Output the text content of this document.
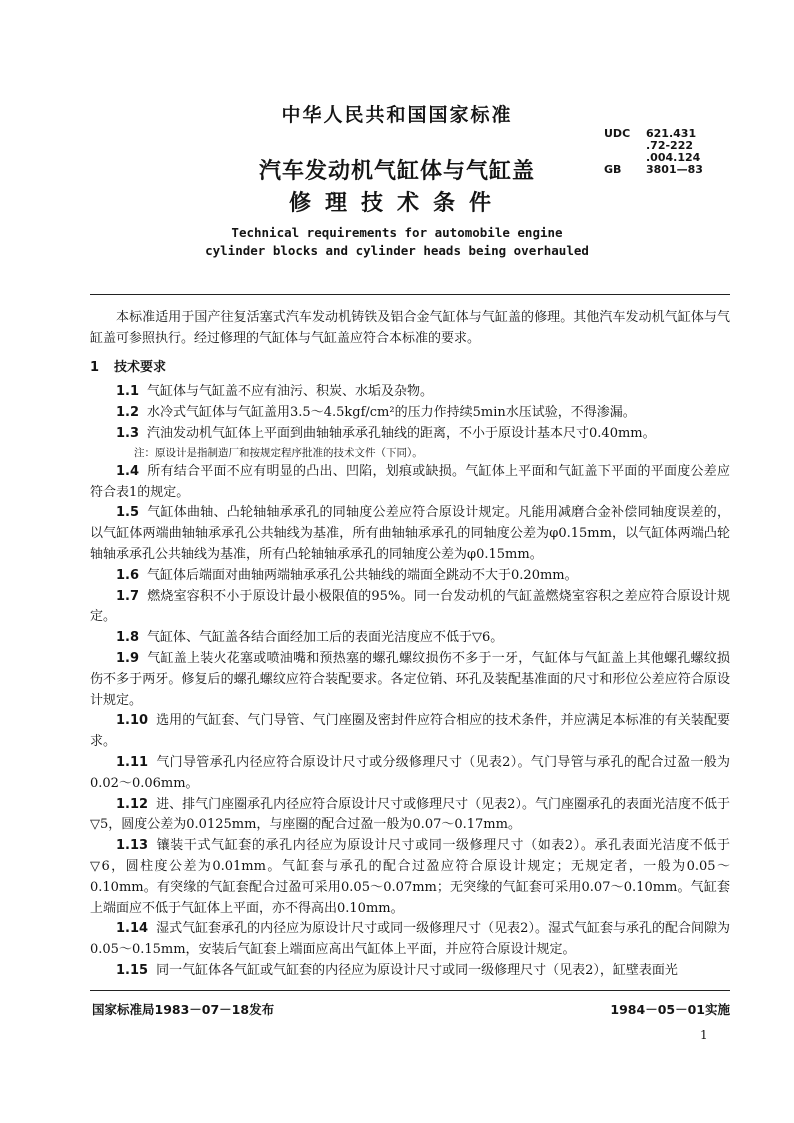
中华人民共和国国家标准
UDC 621.431
.72-222
.004.124
GB 3801—83
汽车发动机气缸体与气缸盖
修理技术条件
Technical requirements for automobile engine
cylinder blocks and cylinder heads being overhauled

本标准适用于国产往复活塞式汽车发动机铸铁及铝合金气缸体与气缸盖的修理。其他汽车发动机气缸体与气缸盖可参照执行。经过修理的气缸体与气缸盖应符合本标准的要求。

1 技术要求

1.1 气缸体与气缸盖不应有油污、积炭、水垢及杂物。

1.2 水冷式气缸体与气缸盖用3.5～4.5kgf/cm²的压力作持续5min水压试验，不得渗漏。

1.3 汽油发动机气缸体上平面到曲轴轴承承孔轴线的距离，不小于原设计基本尺寸0.40mm。

注：原设计是指制造厂和按规定程序批准的技术文件（下同）。

1.4 所有结合平面不应有明显的凸出、凹陷，划痕或缺损。气缸体上平面和气缸盖下平面的平面度公差应符合表1的规定。

1.5 气缸体曲轴、凸轮轴轴承承孔的同轴度公差应符合原设计规定。凡能用减磨合金补偿同轴度误差的，以气缸体两端曲轴轴承承孔公共轴线为基准，所有曲轴轴承承孔的同轴度公差为φ0.15mm，以气缸体两端凸轮轴轴承承孔公共轴线为基准，所有凸轮轴轴承承孔的同轴度公差为φ0.15mm。

1.6 气缸体后端面对曲轴两端轴承承孔公共轴线的端面全跳动不大于0.20mm。

1.7 燃烧室容积不小于原设计最小极限值的95%。同一台发动机的气缸盖燃烧室容积之差应符合原设计规定。

1.8 气缸体、气缸盖各结合面经加工后的表面光洁度应不低于▽6。

1.9 气缸盖上装火花塞或喷油嘴和预热塞的螺孔螺纹损伤不多于一牙，气缸体与气缸盖上其他螺孔螺纹损伤不多于两牙。修复后的螺孔螺纹应符合装配要求。各定位销、环孔及装配基准面的尺寸和形位公差应符合原设计规定。

1.10 选用的气缸套、气门导管、气门座圈及密封件应符合相应的技术条件，并应满足本标准的有关装配要求。

1.11 气门导管承孔内径应符合原设计尺寸或分级修理尺寸（见表2）。气门导管与承孔的配合过盈一般为0.02～0.06mm。

1.12 进、排气门座圈承孔内径应符合原设计尺寸或修理尺寸（见表2）。气门座圈承孔的表面光洁度不低于▽5，圆度公差为0.0125mm，与座圈的配合过盈一般为0.07～0.17mm。

1.13 镶装干式气缸套的承孔内径应为原设计尺寸或同一级修理尺寸（如表2）。承孔表面光洁度不低于▽6，圆柱度公差为0.01mm。气缸套与承孔的配合过盈应符合原设计规定；无规定者，一般为0.05～0.10mm。有突缘的气缸套配合过盈可采用0.05～0.07mm；无突缘的气缸套可采用0.07～0.10mm。气缸套上端面应不低于气缸体上平面，亦不得高出0.10mm。

1.14 湿式气缸套承孔的内径应为原设计尺寸或同一级修理尺寸（见表2）。湿式气缸套与承孔的配合间隙为0.05～0.15mm，安装后气缸套上端面应高出气缸体上平面，并应符合原设计规定。

1.15 同一气缸体各气缸或气缸套的内径应为原设计尺寸或同一级修理尺寸（见表2），缸壁表面光

国家标准局1983－07－18发布	1984－05－01实施
1
